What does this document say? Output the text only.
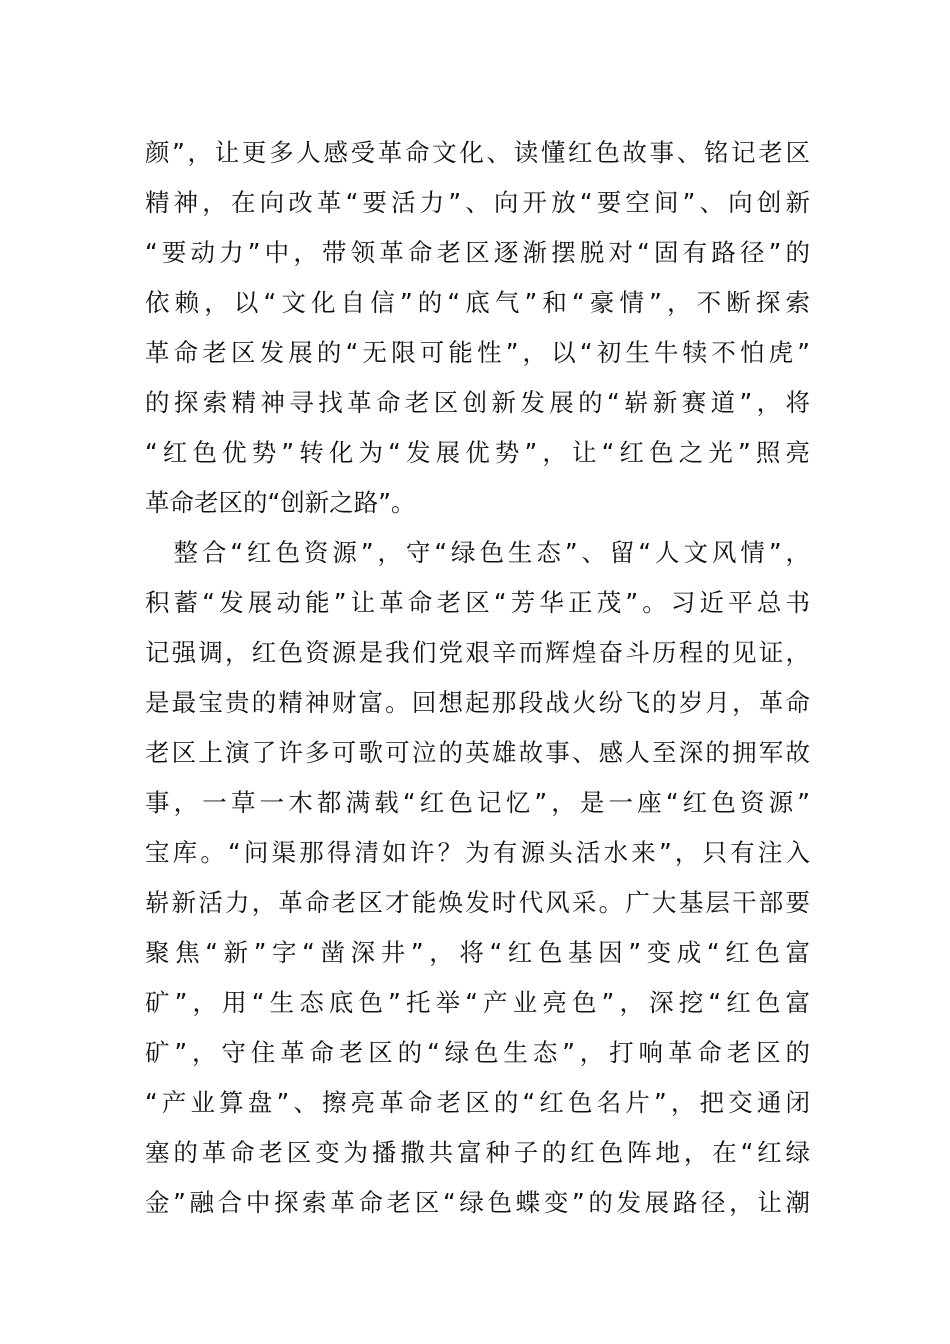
颜”，让更多人感受革命文化、读懂红色故事、铭记老区
精神，在向改革“要活力”、向开放“要空间”、向创新
“要动力”中，带领革命老区逐渐摆脱对“固有路径”的
依赖，以“文化自信”的“底气”和“豪情”，不断探索
革命老区发展的“无限可能性”，以“初生牛犊不怕虎”
的探索精神寻找革命老区创新发展的“崭新赛道”，将
“红色优势”转化为“发展优势”，让“红色之光”照亮
革命老区的“创新之路”。
　整合“红色资源”，守“绿色生态”、留“人文风情”，
积蓄“发展动能”让革命老区“芳华正茂”。习近平总书
记强调，红色资源是我们党艰辛而辉煌奋斗历程的见证，
是最宝贵的精神财富。回想起那段战火纷飞的岁月，革命
老区上演了许多可歌可泣的英雄故事、感人至深的拥军故
事，一草一木都满载“红色记忆”，是一座“红色资源”
宝库。“问渠那得清如许？为有源头活水来”，只有注入
崭新活力，革命老区才能焕发时代风采。广大基层干部要
聚焦“新”字“凿深井”，将“红色基因”变成“红色富
矿”，用“生态底色”托举“产业亮色”，深挖“红色富
矿”，守住革命老区的“绿色生态”，打响革命老区的
“产业算盘”、擦亮革命老区的“红色名片”，把交通闭
塞的革命老区变为播撒共富种子的红色阵地，在“红绿
金”融合中探索革命老区“绿色蝶变”的发展路径，让潮
